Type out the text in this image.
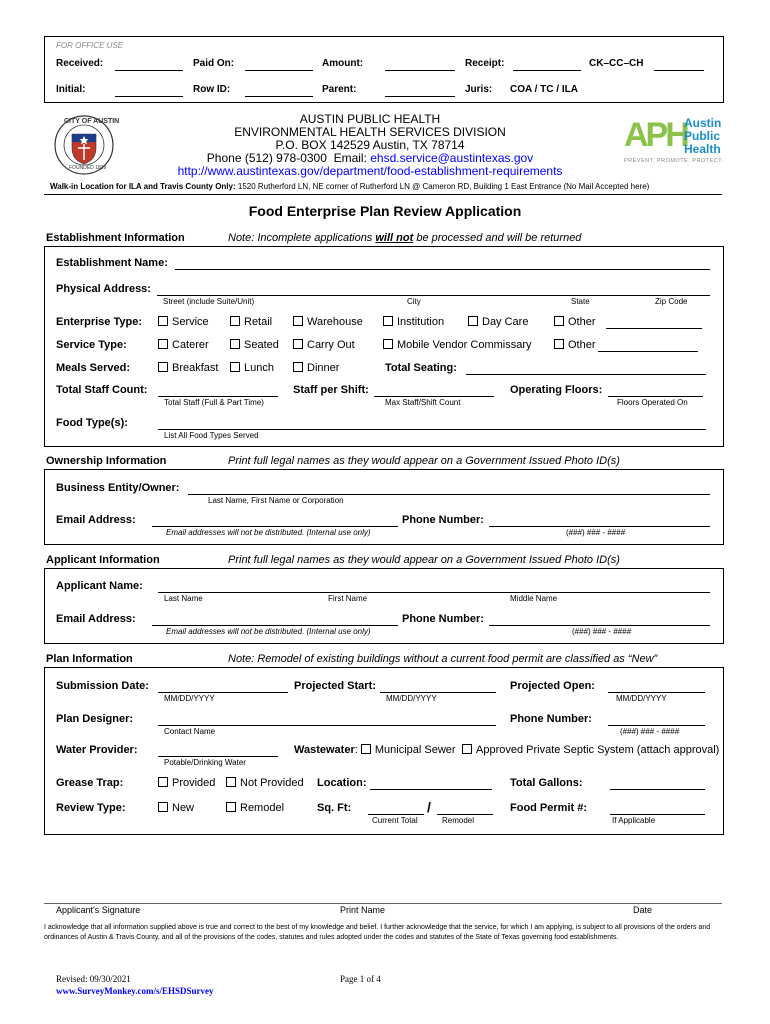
FOR OFFICE USE
Received:	Paid On:	Amount:	Receipt:	CK–CC–CH
Initial:	Row ID:	Parent:	Juris: COA / TC / ILA
CITY OF AUSTIN
FOUNDED 1839
AUSTIN PUBLIC HEALTH
ENVIRONMENTAL HEALTH SERVICES DIVISION
P.O. BOX 142529 Austin, TX 78714
Phone (512) 978-0300 Email: ehsd.service@austintexas.gov
http://www.austintexas.gov/department/food-establishment-requirements
APH
Austin
Public
Health
PREVENT. PROMOTE. PROTECT.
Walk-in Location for ILA and Travis County Only: 1520 Rutherford LN, NE corner of Rutherford LN @ Cameron RD, Building 1 East Entrance (No Mail Accepted here)
Food Enterprise Plan Review Application
Establishment Information	Note: Incomplete applications will not be processed and will be returned
Establishment Name:
Physical Address:
Street (include Suite/Unit)	City	State	Zip Code
Enterprise Type:	Service	Retail	Warehouse	Institution	Day Care	Other
Service Type:	Caterer	Seated	Carry Out	Mobile Vendor Commissary	Other
Meals Served:	Breakfast	Lunch	Dinner	Total Seating:
Total Staff Count:	Staff per Shift:	Operating Floors:
Total Staff (Full & Part Time)	Max Staff/Shift Count	Floors Operated On
Food Type(s):
List All Food Types Served
Ownership Information	Print full legal names as they would appear on a Government Issued Photo ID(s)
Business Entity/Owner:
Last Name, First Name or Corporation
Email Address:
Email addresses will not be distributed. (Internal use only)
Phone Number:
(###) ### - ####
Applicant Information	Print full legal names as they would appear on a Government Issued Photo ID(s)
Applicant Name:
Last Name	First Name	Middle Name
Email Address:
Email addresses will not be distributed. (Internal use only)
Phone Number:
(###) ### - ####
Plan Information	Note: Remodel of existing buildings without a current food permit are classified as “New”
Submission Date:
MM/DD/YYYY
Projected Start:
MM/DD/YYYY
Projected Open:
MM/DD/YYYY
Plan Designer:
Contact Name
Phone Number:
(###) ### - ####
Water Provider:
Potable/Drinking Water
Wastewater: Municipal Sewer	Approved Private Septic System (attach approval)
Grease Trap:	Provided	Not Provided Location:	Total Gallons:
Review Type:	New	Remodel	Sq. Ft:	/
Current Total	Remodel
Food Permit #:
If Applicable
Applicant's Signature	Print Name	Date
I acknowledge that all information supplied above is true and correct to the best of my knowledge and belief. I further acknowledge that the service, for which I am applying, is subject to all provisions of the orders and ordinances of Austin & Travis County, and all of the provisions of the codes, statutes and rules adopted under the codes and statutes of the State of Texas governing food establishments.
Revised: 09/30/2021
www.SurveyMonkey.com/s/EHSDSurvey
Page 1 of 4
